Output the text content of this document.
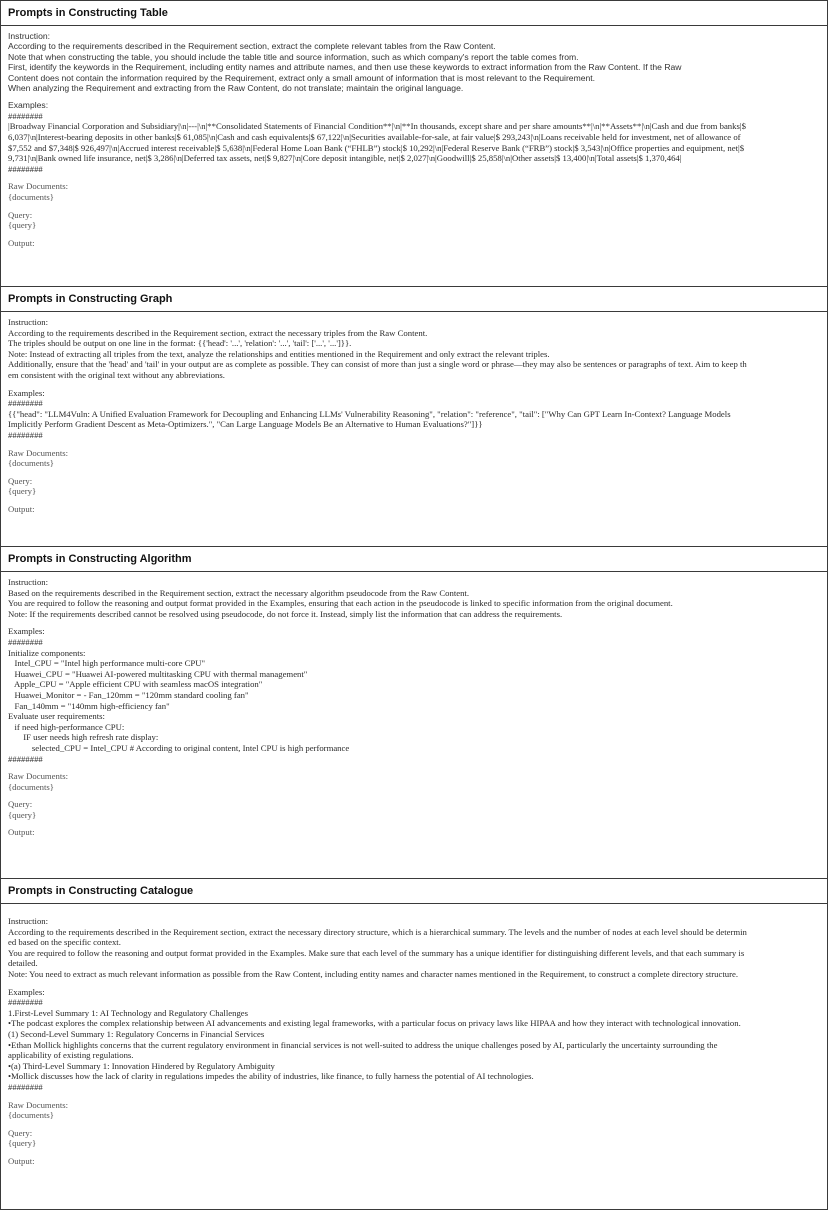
Prompts in Constructing Table
Instruction:
According to the requirements described in the Requirement section, extract the complete relevant tables from the Raw Content.
Note that when constructing the table, you should include the table title and source information, such as which company's report the table comes from.
First, identify the keywords in the Requirement, including entity names and attribute names, and then use these keywords to extract information from the Raw Content. If the Raw
Content does not contain the information required by the Requirement, extract only a small amount of information that is most relevant to the Requirement.
When analyzing the Requirement and extracting from the Raw Content, do not translate; maintain the original language.
Examples:
########
|Broadway Financial Corporation and Subsidiary|\n|---|\n|**Consolidated Statements of Financial Condition**|\n|**In thousands, except share and per share amounts**|\n|**Assets**|\n|Cash and due from banks|$
6,037|\n|Interest-bearing deposits in other banks|$ 61,085|\n|Cash and cash equivalents|$ 67,122|\n|Securities available-for-sale, at fair value|$ 293,243|\n|Loans receivable held for investment, net of allowance of
$7,552 and $7,348|$ 926,497|\n|Accrued interest receivable|$ 5,638|\n|Federal Home Loan Bank (“FHLB”) stock|$ 10,292|\n|Federal Reserve Bank (“FRB”) stock|$ 3,543|\n|Office properties and equipment, net|$
9,731|\n|Bank owned life insurance, net|$ 3,286|\n|Deferred tax assets, net|$ 9,827|\n|Core deposit intangible, net|$ 2,027|\n|Goodwill|$ 25,858|\n|Other assets|$ 13,400|\n|Total assets|$ 1,370,464|
########
Raw Documents:
{documents}
Query:
{query}
Output:
Prompts in Constructing Graph
Instruction:
According to the requirements described in the Requirement section, extract the necessary triples from the Raw Content.
The triples should be output on one line in the format: {{'head': '...', 'relation': '...', 'tail': ['...', '...']}}.
Note: Instead of extracting all triples from the text, analyze the relationships and entities mentioned in the Requirement and only extract the relevant triples.
Additionally, ensure that the 'head' and 'tail' in your output are as complete as possible. They can consist of more than just a single word or phrase—they may also be sentences or paragraphs of text. Aim to keep th
em consistent with the original text without any abbreviations.
Examples:
########
{{"head": "LLM4Vuln: A Unified Evaluation Framework for Decoupling and Enhancing LLMs' Vulnerability Reasoning", "relation": "reference", "tail": ["Why Can GPT Learn In-Context? Language Models
Implicitly Perform Gradient Descent as Meta-Optimizers.", "Can Large Language Models Be an Alternative to Human Evaluations?"]}}
########
Raw Documents:
{documents}
Query:
{query}
Output:
Prompts in Constructing Algorithm
Instruction:
Based on the requirements described in the Requirement section, extract the necessary algorithm pseudocode from the Raw Content.
You are required to follow the reasoning and output format provided in the Examples, ensuring that each action in the pseudocode is linked to specific information from the original document.
Note: If the requirements described cannot be resolved using pseudocode, do not force it. Instead, simply list the information that can address the requirements.
Examples:
########
Initialize components:
Intel_CPU = "Intel high performance multi-core CPU"
Huawei_CPU = "Huawei AI-powered multitasking CPU with thermal management"
Apple_CPU = "Apple efficient CPU with seamless macOS integration"
Huawei_Monitor = - Fan_120mm = "120mm standard cooling fan"
Fan_140mm = "140mm high-efficiency fan"
Evaluate user requirements:
if need high-performance CPU:
IF user needs high refresh rate display:
selected_CPU = Intel_CPU # According to original content, Intel CPU is high performance
########
Raw Documents:
{documents}
Query:
{query}
Output:
Prompts in Constructing Catalogue
Instruction:
According to the requirements described in the Requirement section, extract the necessary directory structure, which is a hierarchical summary. The levels and the number of nodes at each level should be determin
ed based on the specific context.
You are required to follow the reasoning and output format provided in the Examples. Make sure that each level of the summary has a unique identifier for distinguishing different levels, and that each summary is
detailed.
Note: You need to extract as much relevant information as possible from the Raw Content, including entity names and character names mentioned in the Requirement, to construct a complete directory structure.
Examples:
########
1.First-Level Summary 1: AI Technology and Regulatory Challenges
•The podcast explores the complex relationship between AI advancements and existing legal frameworks, with a particular focus on privacy laws like HIPAA and how they interact with technological innovation.
(1) Second-Level Summary 1: Regulatory Concerns in Financial Services
•Ethan Mollick highlights concerns that the current regulatory environment in financial services is not well-suited to address the unique challenges posed by AI, particularly the uncertainty surrounding the
applicability of existing regulations.
•(a) Third-Level Summary 1: Innovation Hindered by Regulatory Ambiguity
•Mollick discusses how the lack of clarity in regulations impedes the ability of industries, like finance, to fully harness the potential of AI technologies.
########
Raw Documents:
{documents}
Query:
{query}
Output:
